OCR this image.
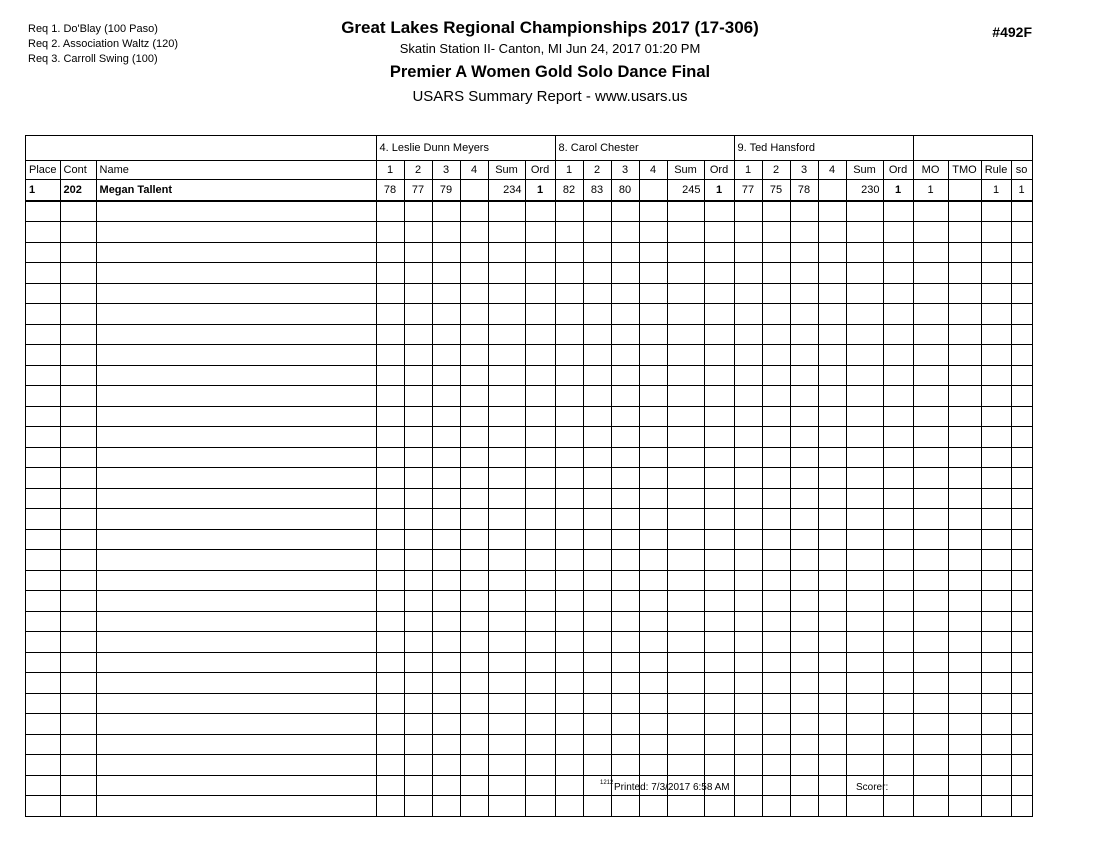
Req 1. Do'Blay (100 Paso)
Req 2. Association Waltz (120)
Req 3. Carroll Swing (100)
Great Lakes Regional Championships 2017 (17-306)
Skatin Station II- Canton, MI Jun 24, 2017 01:20 PM
Premier A Women Gold Solo Dance Final
USARS Summary Report - www.usars.us
#492F
			4. Leslie Dunn Meyers						8. Carol Chester						9. Ted Hansford									
Place	Cont	Name	1	2	3	4	Sum	Ord	1	2	3	4	Sum	Ord	1	2	3	4	Sum	Ord	MO	TMO	Rule	so
1	202	Megan Tallent	78	77	79		234	1	82	83	80		245	1	77	75	78		230	1	1		1	1

1212 Printed: 7/3/2017 6:58 AM	Scorer:
